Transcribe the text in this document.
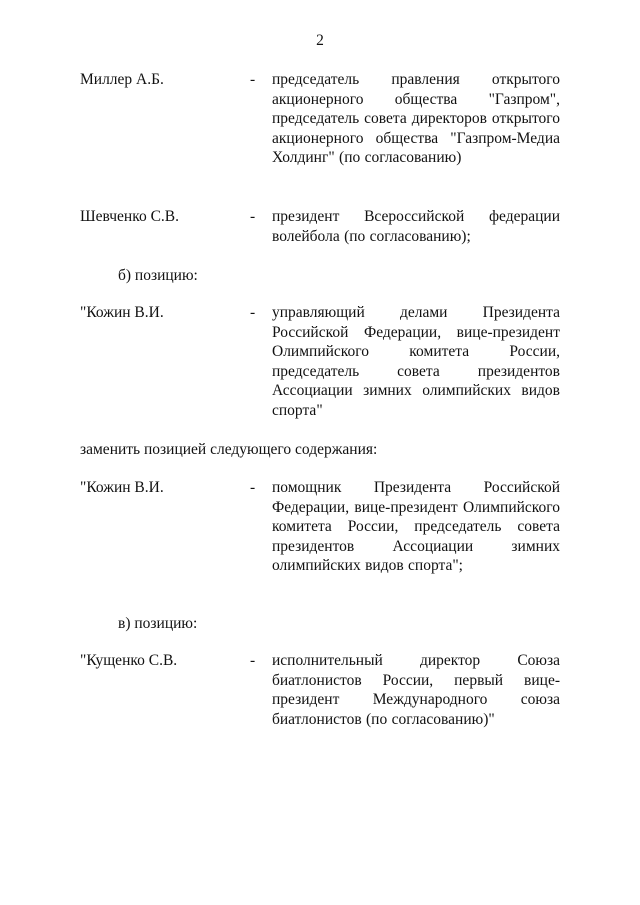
2
Миллер А.Б.	- председатель правления открытого акционерного общества "Газпром", председатель совета директоров открытого акционерного общества "Газпром-Медиа Холдинг" (по согласованию)
Шевченко С.В.	- президент Всероссийской федерации волейбола (по согласованию);
б) позицию:
"Кожин В.И.	- управляющий делами Президента Российской Федерации, вице-президент Олимпийского комитета России, председатель совета президентов Ассоциации зимних олимпийских видов спорта"
заменить позицией следующего содержания:
"Кожин В.И.	- помощник Президента Российской Федерации, вице-президент Олимпийского комитета России, председатель совета президентов Ассоциации зимних олимпийских видов спорта";
в) позицию:
"Кущенко С.В.	- исполнительный директор Союза биатлонистов России, первый вице-президент Международного союза биатлонистов (по согласованию)"
